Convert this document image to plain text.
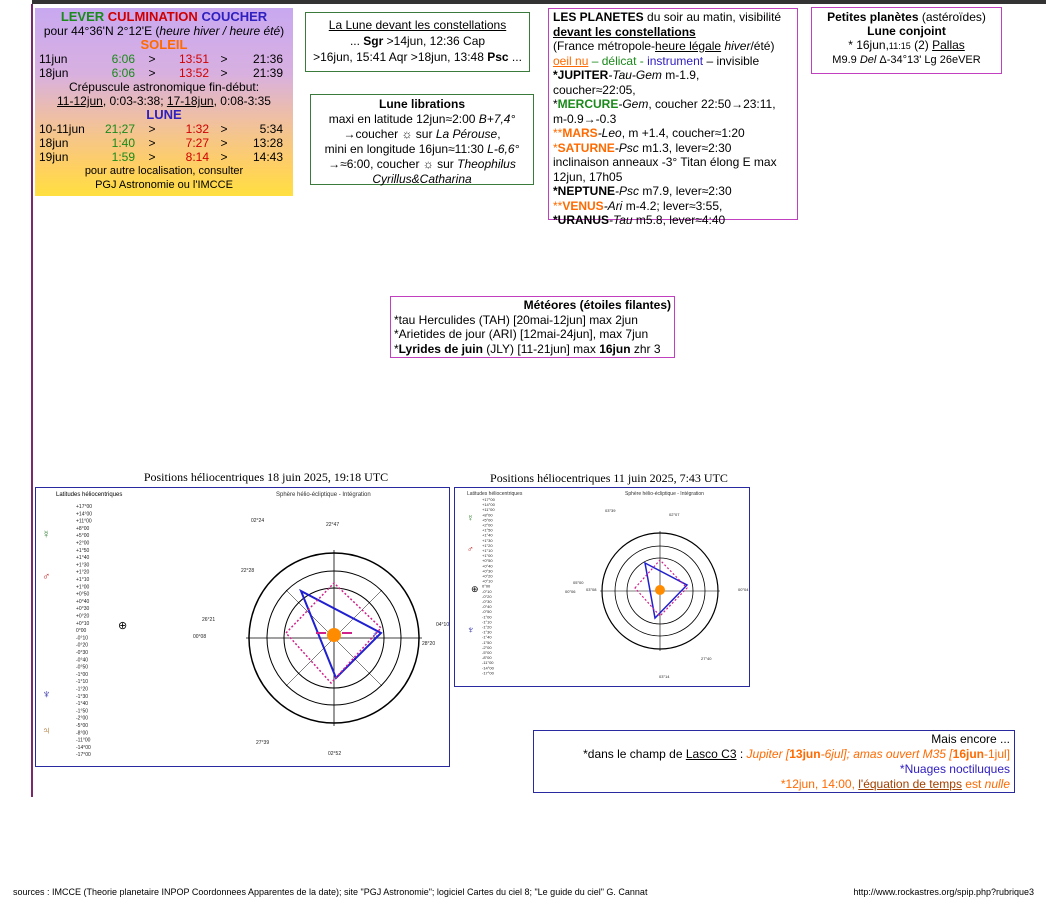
LEVER CULMINATION COUCHER
pour 44°36'N 2°12'E (heure hiver / heure été)
SOLEIL
11jun	6:06	>	13:51 >	21:36
18jun	6:06	>	13:52 >	21:39
Crépuscule astronomique fin-début:
11-12jun, 0:03-3:38; 17-18jun, 0:08-3:35
LUNE
10-11jun	21;27	>	1:32 >	5:34
18jun	1:40	>	7:27 >	13:28
19jun	1:59	>	8:14 >	14:43
pour autre localisation, consulter
PGJ Astronomie ou l'IMCCE
La Lune devant les constellations
... Sgr >14jun, 12:36 Cap
>16jun, 15:41 Aqr >18jun, 13:48 Psc ...
Lune librations
maxi en latitude 12jun≈2:00 B+7,4°
→coucher ☼ sur La Pérouse,
mini en longitude 16jun≈11:30 L-6,6°
→≈6:00, coucher ☼ sur Theophilus
Cyrillus&Catharina
LES PLANETES du soir au matin, visibilité
devant les constellations
(France métropole-heure légale hiver/été)
oeil nu – délicat - instrument – invisible
*JUPITER-Tau-Gem m-1.9,
coucher≈22:05,
*MERCURE-Gem, coucher 22:50→23:11,
m-0.9→-0.3
**MARS-Leo, m +1.4, coucher≈1:20
*SATURNE-Psc m1.3, lever≈2:30
inclinaison anneaux -3° Titan élong E max
12jun, 17h05
*NEPTUNE-Psc m7.9, lever≈2:30
**VENUS-Ari m-4.2; lever≈3:55,
*URANUS-Tau m5.8, lever≈4:40
Petites planètes (astéroïdes)
Lune conjoint
* 16jun,11:15 (2) Pallas
M9.9 Del Δ-34°13' Lg 26eVER
Météores (étoiles filantes)
*tau Herculides (TAH) [20mai-12jun] max 2jun
*Arietides de jour (ARI) [12mai-24jun], max 7jun
*Lyrides de juin (JLY) [11-21jun] max 16jun zhr 3
Positions héliocentriques 18 juin 2025, 19:18 UTC
Latitudes héliocentriques	Sphère hélio-écliptique - Intégration
+17°00
+14°00
+11°00
+8°00
+5°00
+2°00
+1°50
+1°40
+1°30
+1°20
+1°10
+1°00
+0°50
+0°40
+0°30
+0°20
+0°10
0°00
-0°10
-0°20
-0°30
-0°40
-0°50
-1°00
-1°10
-1°20
-1°30
-1°40
-1°50
-2°00
-5°00
-8°00
-11°00
-14°00
-17°00
♁
02°24
22°47
22°28
26°21
00°08
04°10
28°20
27°39
02°52
☿
♂
♆
♃
⊕
Positions héliocentriques 11 juin 2025, 7:43 UTC
Latitudes héliocentriques	Sphère hélio-écliptique - Intégration
+17°00
+14°00
+11°00
+8°00
+5°00
+2°00
+1°50
+1°40
+1°30
+1°20
+1°10
+1°00
+0°50
+0°40
+0°30
+0°20
+0°10
0°00
-0°10
-0°20
-0°30
-0°40
-0°50
-1°00
-1°10
-1°20
-1°30
-1°40
-1°50
-2°00
-5°00
-8°00
-11°00
-14°00
-17°00
03°39
02°07
05°00
03°08
00°06
27°40
03°14
00°04
☿
♂
♆
⊕
Mais encore ...
*dans le champ de Lasco C3 : Jupiter [13jun-6jul]; amas ouvert M35 [16jun-1jul]
*Nuages noctiluques
*12jun, 14:00, l'équation de temps est nulle
sources : IMCCE (Theorie planetaire INPOP Coordonnees Apparentes de la date); site "PGJ Astronomie"; logiciel Cartes du ciel 8; "Le guide du ciel" G. Cannat	http://www.rockastres.org/spip.php?rubrique3
